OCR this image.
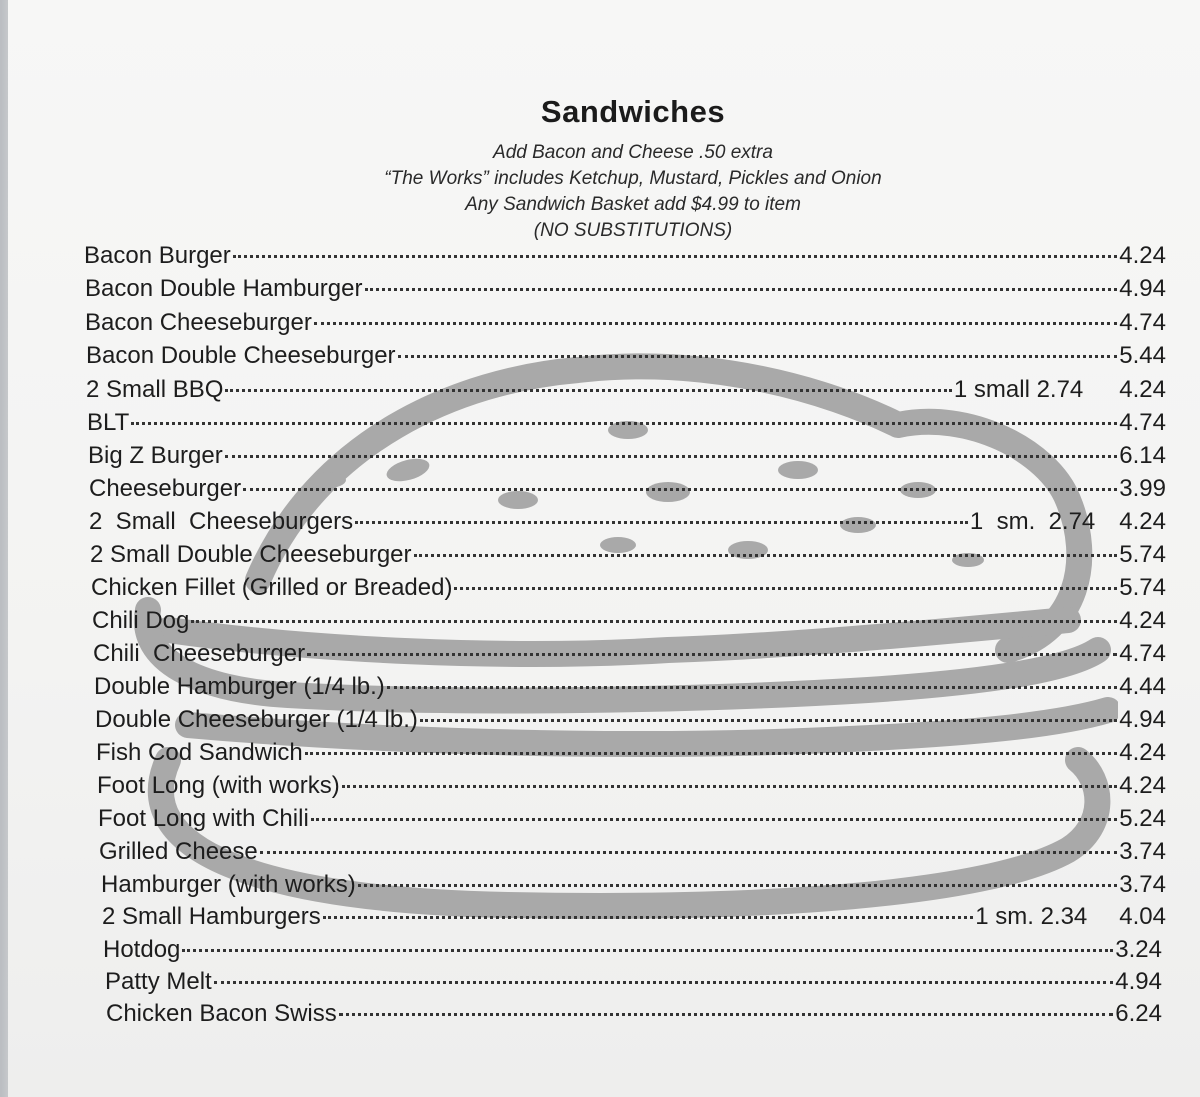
Sandwiches
Add Bacon and Cheese .50 extra
“The Works” includes Ketchup, Mustard, Pickles and Onion
Any Sandwich Basket add $4.99 to item
(NO SUBSTITUTIONS)
Bacon Burger	4.24
Bacon Double Hamburger	4.94
Bacon Cheeseburger	4.74
Bacon Double Cheeseburger	5.44
2 Small BBQ	1 small 2.74 4.24
BLT	4.74
Big Z Burger	6.14
Cheeseburger	3.99
2  Small  Cheeseburgers	1  sm.  2.74 4.24
2 Small Double Cheeseburger	5.74
Chicken Fillet (Grilled or Breaded)	5.74
Chili Dog	4.24
Chili  Cheeseburger	4.74
Double Hamburger (1/4 lb.)	4.44
Double Cheeseburger (1/4 lb.)	4.94
Fish Cod Sandwich	4.24
Foot Long (with works)	4.24
Foot Long with Chili	5.24
Grilled Cheese	3.74
Hamburger (with works)	3.74
2 Small Hamburgers	1 sm. 2.34 4.04
Hotdog	3.24
Patty Melt	4.94
Chicken Bacon Swiss	6.24
